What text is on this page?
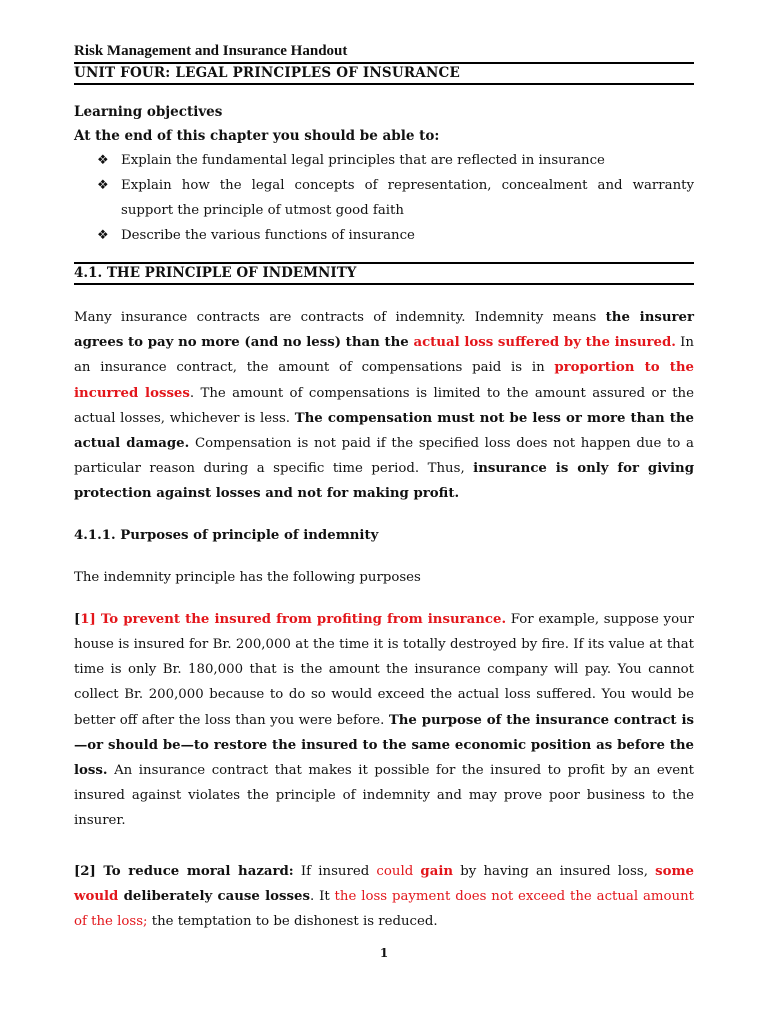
Risk Management and Insurance Handout
UNIT FOUR: LEGAL PRINCIPLES OF INSURANCE
Learning objectives
At the end of this chapter you should be able to:
❖ Explain the fundamental legal principles that are reflected in insurance
❖ Explain how the legal concepts of representation, concealment and warranty support the principle of utmost good faith
❖ Describe the various functions of insurance
4.1. THE PRINCIPLE OF INDEMNITY

Many insurance contracts are contracts of indemnity. Indemnity means the insurer agrees to pay no more (and no less) than the actual loss suffered by the insured. In an insurance contract, the amount of compensations paid is in proportion to the incurred losses. The amount of compensations is limited to the amount assured or the actual losses, whichever is less. The compensation must not be less or more than the actual damage. Compensation is not paid if the specified loss does not happen due to a particular reason during a specific time period. Thus, insurance is only for giving protection against losses and not for making profit.

4.1.1. Purposes of principle of indemnity

The indemnity principle has the following purposes

[1] To prevent the insured from profiting from insurance. For example, suppose your house is insured for Br. 200,000 at the time it is totally destroyed by fire. If its value at that time is only Br. 180,000 that is the amount the insurance company will pay. You cannot collect Br. 200,000 because to do so would exceed the actual loss suffered. You would be better off after the loss than you were before. The purpose of the insurance contract is—or should be—to restore the insured to the same economic position as before the loss. An insurance contract that makes it possible for the insured to profit by an event insured against violates the principle of indemnity and may prove poor business to the insurer.

[2] To reduce moral hazard: If insured could gain by having an insured loss, some would deliberately cause losses. It the loss payment does not exceed the actual amount of the loss; the temptation to be dishonest is reduced.

1
